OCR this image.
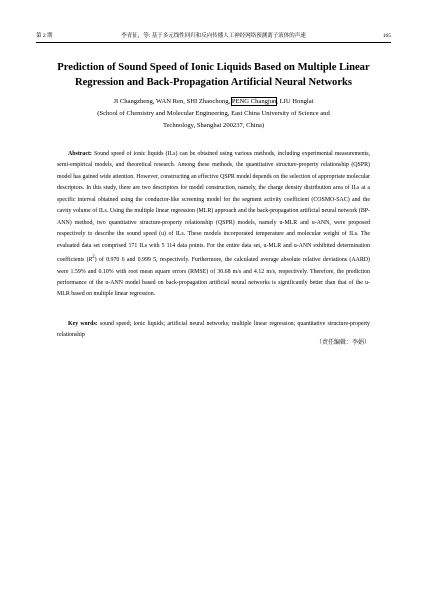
第 2 期	李青征，等: 基于多元线性回归和反向传播人工神经网络预测离子液体的声速	165
Prediction of Sound Speed of Ionic Liquids Based on Multiple Linear
Regression and Back-Propagation Artificial Neural Networks
JI Changzheng, WAN Ren, SHI Zhaochong, PENG Changjun, LIU Honglai
(School of Chemistry and Molecular Engineering, East China University of Science and
Technology, Shanghai 200237, China)

Abstract: Sound speed of ionic liquids (ILs) can be obtained using various methods, including experimental measurements, semi-empirical models, and theoretical research. Among these methods, the quantitative structure-property relationship (QSPR) model has gained wide attention. However, constructing an effective QSPR model depends on the selection of appropriate molecular descriptors. In this study, there are two descriptors for model construction, namely, the charge density distribution area of ILs at a specific interval obtained using the conductor-like screening model for the segment activity coefficient (COSMO-SAC) and the cavity volume of ILs. Using the multiple linear regression (MLR) approach and the back-propagation artificial neural network (BP-ANN) method, two quantitative structure-property relationship (QSPR) models, namely u-MLR and u-ANN, were proposed respectively to describe the sound speed (u) of ILs. These models incorporated temperature and molecular weight of ILs. The evaluated data set comprised 171 ILs with 5 114 data points. For the entire data set, u-MLR and u-ANN exhibited determination coefficients $(R^2)$ of 0.970 6 and 0.999 5, respectively. Furthermore, the calculated average absolute relative deviations (AARD) were 1.59% and 0.10% with root mean square errors (RMSE) of 30.68 m/s and 4.12 m/s, respectively. Therefore, the prediction performance of the u-ANN model based on back-propagation artificial neural networks is significantly better than that of the u-MLR based on multiple linear regression.

Key words: sound speed; ionic liquids; artificial neural networks; multiple linear regression; quantitative structure-property relationship

（责任编辑：李娟）
